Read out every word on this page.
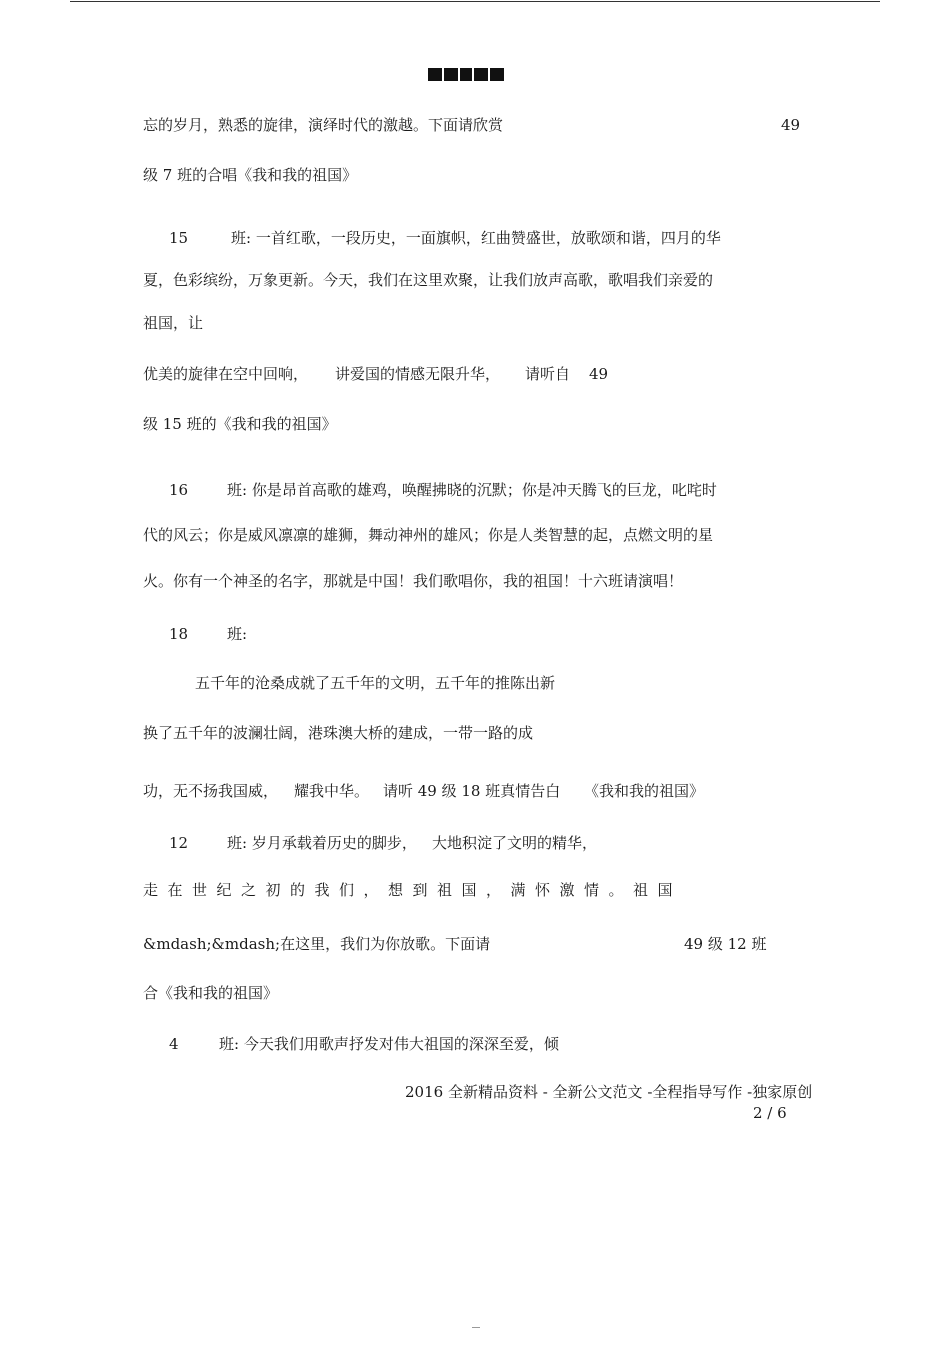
忘的岁月，熟悉的旋律，演绎时代的激越。下面请欣赏	49
级 7 班的合唱《我和我的祖国》
15	班: 一首红歌，一段历史，一面旗帜，红曲赞盛世，放歌颂和谐，四月的华
夏，色彩缤纷，万象更新。今天，我们在这里欢聚，让我们放声高歌，歌唱我们亲爱的
祖国，让
优美的旋律在空中回响， 讲爱国的情感无限升华， 请听自 49
级 15 班的《我和我的祖国》
16	班: 你是昂首高歌的雄鸡，唤醒拂晓的沉默；你是冲天腾飞的巨龙，叱咤时
代的风云；你是威风凛凛的雄狮，舞动神州的雄风；你是人类智慧的起，点燃文明的星
火。你有一个神圣的名字，那就是中国！我们歌唱你，我的祖国！十六班请演唱！
18	班:
五千年的沧桑成就了五千年的文明，五千年的推陈出新
换了五千年的波澜壮阔，港珠澳大桥的建成，一带一路的成
功，无不扬我国威， 耀我中华。 请听 49 级 18 班真情告白 《我和我的祖国》
12	班: 岁月承载着历史的脚步， 大地积淀了文明的精华，
走在世纪之初的我们，想到祖国，满怀激情。祖国
&mdash;&mdash;在这里，我们为你放歌。下面请	49 级 12 班
合《我和我的祖国》
4	班: 今天我们用歌声抒发对伟大祖国的深深至爱，倾
2016 全新精品资料 - 全新公文范文 -全程指导写作 -独家原创
2 / 6
